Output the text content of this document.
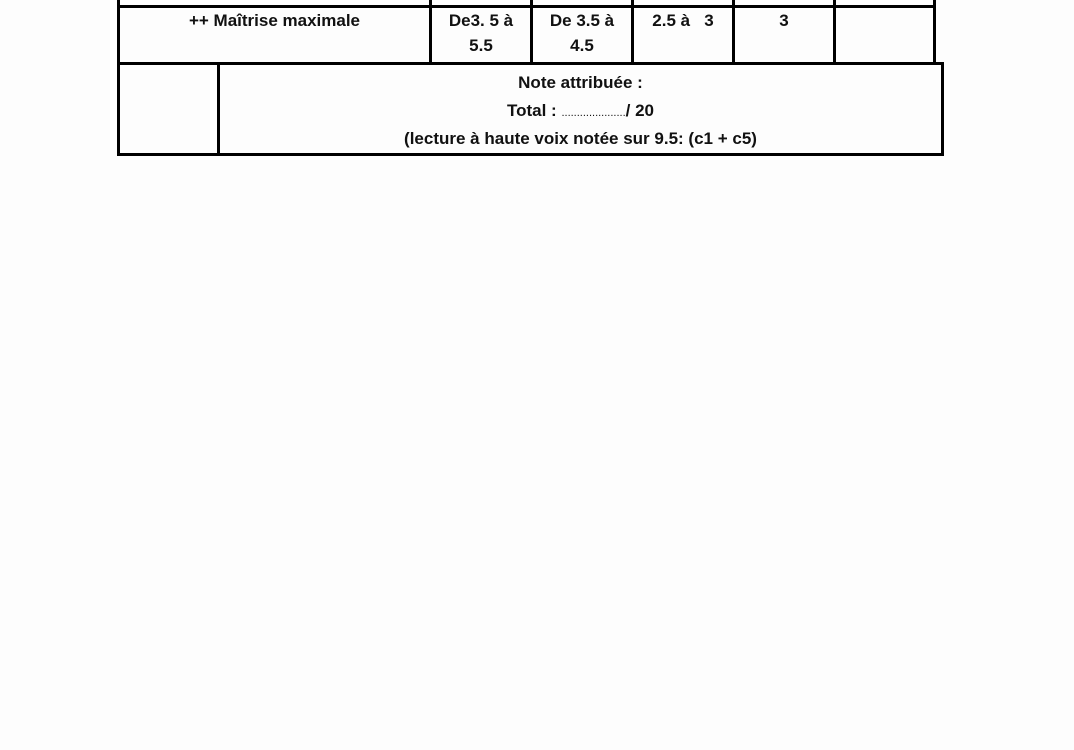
++ Maîtrise maximale	De3. 5 à
5.5
De 3.5 à
4.5
2.5 à   3	3
Note attribuée :
Total : ...................../ 20
(lecture à haute voix notée sur 9.5: (c1 + c5)
